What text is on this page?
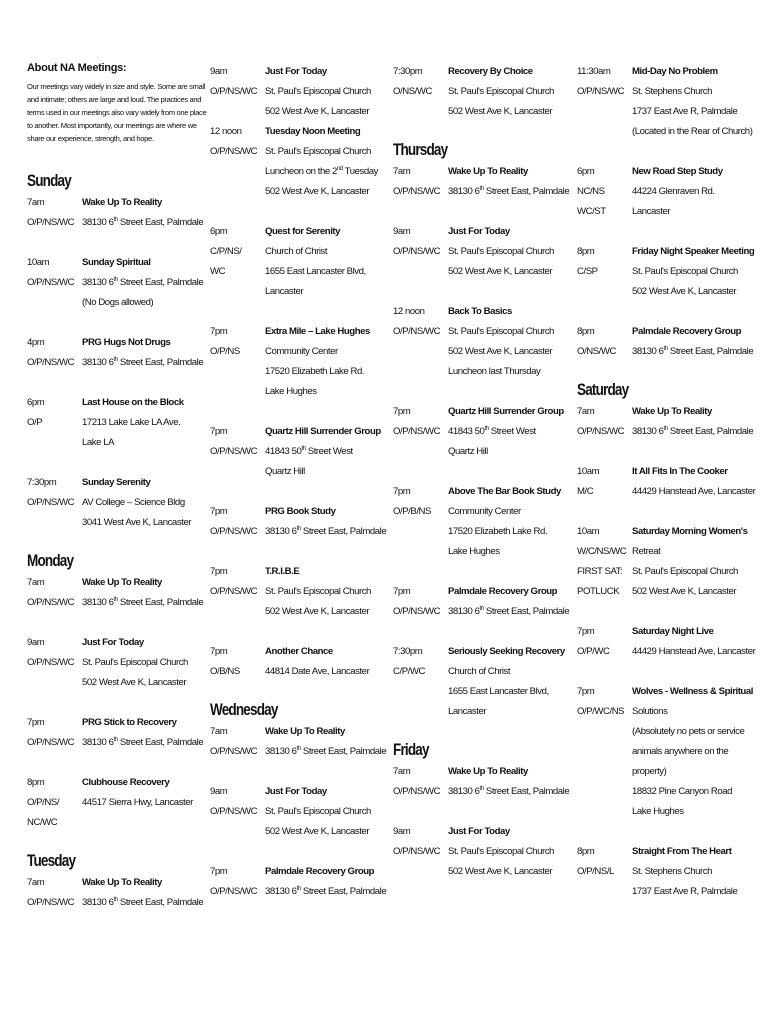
About NA Meetings:
Our meetings vary widely in size and style. Some are small
and intimate; others are large and loud. The practices and
terms used in our meetings also vary widely from one place
to another. Most importantly, our meetings are where we
share our experience, strength, and hope.
Sunday
7am
O/P/NS/WC
Wake Up To Reality
38130 6th Street East, Palmdale
10am
O/P/NS/WC
Sunday Spiritual
38130 6th Street East, Palmdale
(No Dogs allowed)
4pm
O/P/NS/WC
PRG Hugs Not Drugs
38130 6th Street East, Palmdale
6pm
O/P
Last House on the Block
17213 Lake Lake LA Ave.
Lake LA
7:30pm
O/P/NS/WC
Sunday Serenity
AV College – Science Bldg
3041 West Ave K, Lancaster
Monday
7am
O/P/NS/WC
Wake Up To Reality
38130 6th Street East, Palmdale
9am
O/P/NS/WC
Just For Today
St. Paul's Episcopal Church
502 West Ave K, Lancaster
7pm
O/P/NS/WC
PRG Stick to Recovery
38130 6th Street East, Palmdale
8pm
O/P/NS/
NC/WC
Clubhouse Recovery
44517 Sierra Hwy, Lancaster
Tuesday
7am
O/P/NS/WC
Wake Up To Reality
38130 6th Street East, Palmdale
9am
O/P/NS/WC
Just For Today
St. Paul's Episcopal Church
502 West Ave K, Lancaster
12 noon
O/P/NS/WC
Tuesday Noon Meeting
St. Paul's Episcopal Church
Luncheon on the 2nd Tuesday
502 West Ave K, Lancaster
6pm
C/P/NS/
WC
Quest for Serenity
Church of Christ
1655 East Lancaster Blvd,
Lancaster
7pm
O/P/NS
Extra Mile – Lake Hughes
Community Center
17520 Elizabeth Lake Rd.
Lake Hughes
7pm
O/P/NS/WC
Quartz Hill Surrender Group
41843 50th Street West
Quartz Hill
7pm
O/P/NS/WC
PRG Book Study
38130 6th Street East, Palmdale
7pm
O/P/NS/WC
T.R.I.B.E
St. Paul's Episcopal Church
502 West Ave K, Lancaster
7pm
O/B/NS
Another Chance
44814 Date Ave, Lancaster
Wednesday
7am
O/P/NS/WC
Wake Up To Reality
38130 6th Street East, Palmdale
9am
O/P/NS/WC
Just For Today
St. Paul's Episcopal Church
502 West Ave K, Lancaster
7pm
O/P/NS/WC
Palmdale Recovery Group
38130 6th Street East, Palmdale
7:30pm
O/NS/WC
Recovery By Choice
St. Paul's Episcopal Church
502 West Ave K, Lancaster
Thursday
7am
O/P/NS/WC
Wake Up To Reality
38130 6th Street East, Palmdale
9am
O/P/NS/WC
Just For Today
St. Paul's Episcopal Church
502 West Ave K, Lancaster
12 noon
O/P/NS/WC
Back To Basics
St. Paul's Episcopal Church
502 West Ave K, Lancaster
Luncheon last Thursday
7pm
O/P/NS/WC
Quartz Hill Surrender Group
41843 50th Street West
Quartz Hill
7pm
O/P/B/NS
Above The Bar Book Study
Community Center
17520 Elizabeth Lake Rd.
Lake Hughes
7pm
O/P/NS/WC
Palmdale Recovery Group
38130 6th Street East, Palmdale
7:30pm
C/P/WC
Seriously Seeking Recovery
Church of Christ
1655 East Lancaster Blvd,
Lancaster
Friday
7am
O/P/NS/WC
Wake Up To Reality
38130 6th Street East, Palmdale
9am
O/P/NS/WC
Just For Today
St. Paul's Episcopal Church
502 West Ave K, Lancaster
11:30am
O/P/NS/WC
Mid-Day No Problem
St. Stephens Church
1737 East Ave R, Palmdale
(Located in the Rear of Church)
6pm
NC/NS
WC/ST
New Road Step Study
44224 Glenraven Rd.
Lancaster
8pm
C/SP
Friday Night Speaker Meeting
St. Paul's Episcopal Church
502 West Ave K, Lancaster
8pm
O/NS/WC
Palmdale Recovery Group
38130 6th Street East, Palmdale
Saturday
7am
O/P/NS/WC
Wake Up To Reality
38130 6th Street East, Palmdale
10am
M/C
It All Fits In The Cooker
44429 Hanstead Ave, Lancaster
10am
W/C/NS/WC
FIRST SAT:
POTLUCK
Saturday Morning Women's
Retreat
St. Paul's Episcopal Church
502 West Ave K, Lancaster
7pm
O/P/WC
Saturday Night Live
44429 Hanstead Ave, Lancaster
7pm
O/P/WC/NS
Wolves - Wellness & Spiritual
Solutions
(Absolutely no pets or service
animals anywhere on the
property)
18832 Pine Canyon Road
Lake Hughes
8pm
O/P/NS/L
Straight From The Heart
St. Stephens Church
1737 East Ave R, Palmdale
